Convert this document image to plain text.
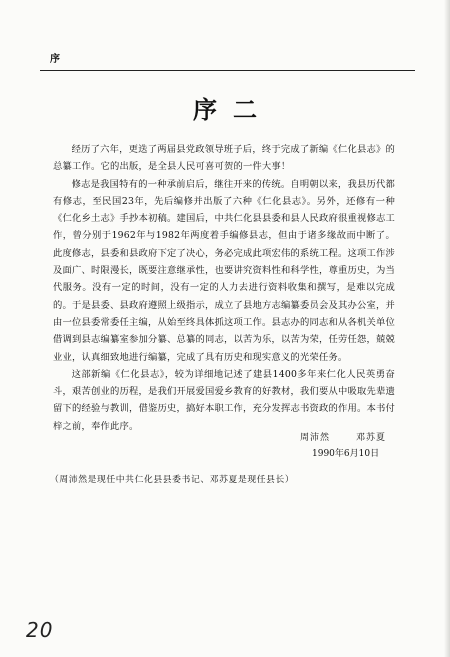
序
序二

经历了六年，更迭了两届县党政领导班子后，终于完成了新编《仁化县志》的总纂工作。它的出版，是全县人民可喜可贺的一件大事！

修志是我国特有的一种承前启后，继往开来的传统。自明朝以来，我县历代都有修志，至民国23年，先后编修并出版了六种《仁化县志》。另外，还修有一种《仁化乡土志》手抄本初稿。建国后，中共仁化县县委和县人民政府很重视修志工作，曾分别于1962年与1982年两度着手编修县志，但由于诸多缘故而中断了。此度修志，县委和县政府下定了决心，务必完成此项宏伟的系统工程。这项工作涉及面广、时限漫长，既要注意继承性，也要讲究资料性和科学性，尊重历史，为当代服务。没有一定的时间，没有一定的人力去进行资料收集和撰写，是难以完成的。于是县委、县政府遵照上级指示，成立了县地方志编纂委员会及其办公室，并由一位县委常委任主编，从始至终具体抓这项工作。县志办的同志和从各机关单位借调到县志编纂室参加分纂、总纂的同志，以苦为乐，以苦为荣，任劳任怨，兢兢业业，认真细致地进行编纂，完成了具有历史和现实意义的光荣任务。

这部新编《仁化县志》，较为详细地记述了建县1400多年来仁化人民英勇奋斗，艰苦创业的历程，是我们开展爱国爱乡教育的好教材，我们要从中吸取先辈遗留下的经验与教训，借鉴历史，搞好本职工作，充分发挥志书资政的作用。本书付梓之前，奉作此序。

周沛然	邓苏夏
1990年6月10日
（周沛然是现任中共仁化县县委书记、邓苏夏是现任县长）
20
